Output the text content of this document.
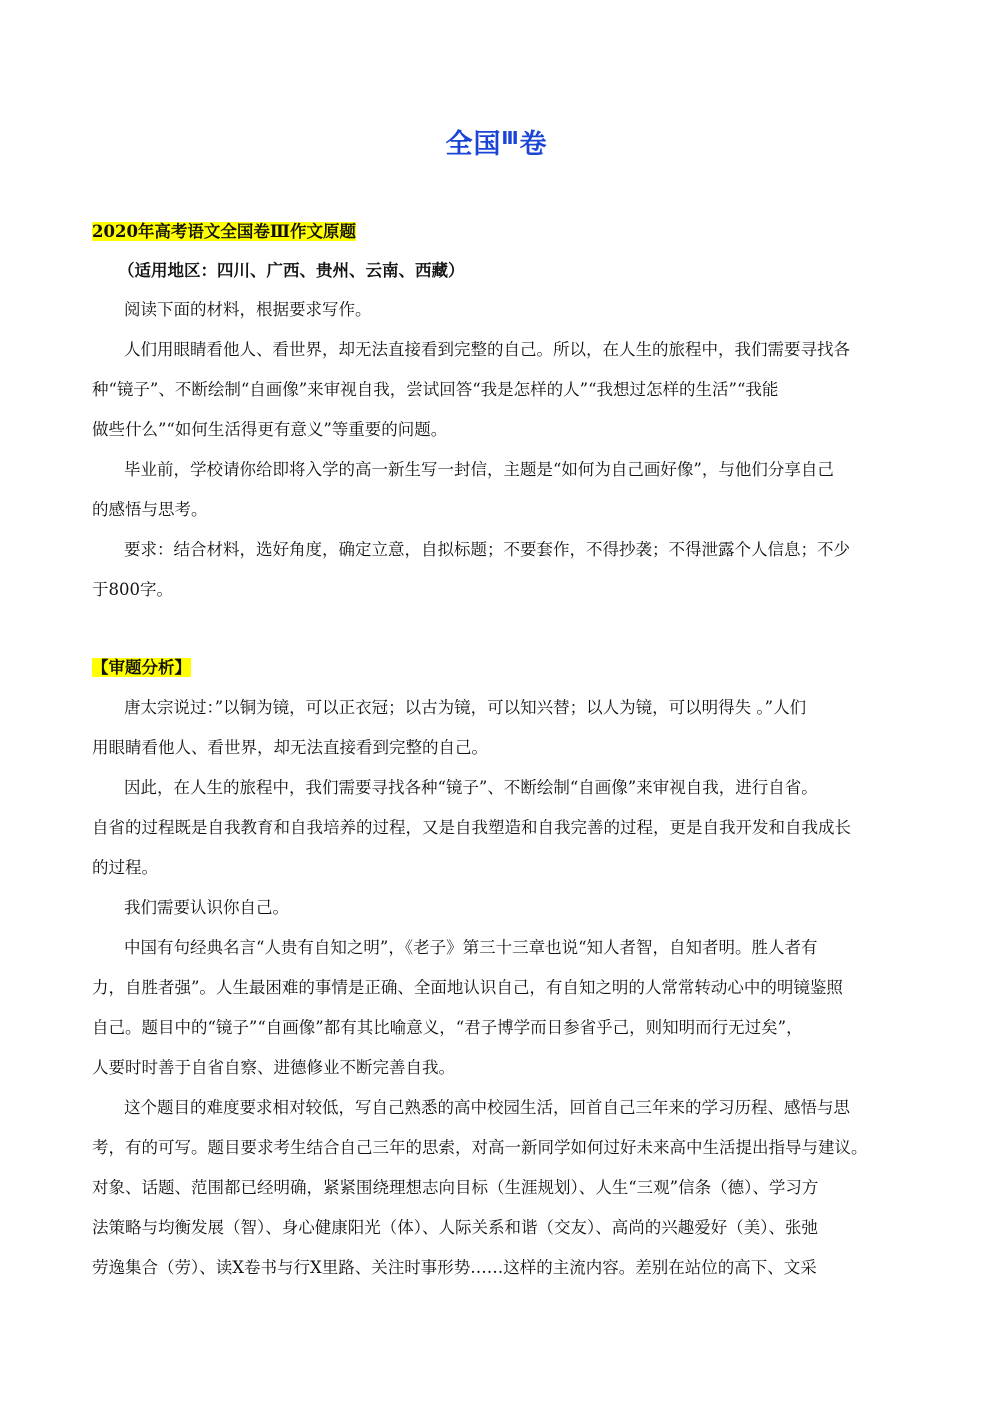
全国$^Ⅲ$卷
2020年高考语文全国卷Ⅲ作文原题
（适用地区：四川、广西、贵州、云南、西藏）
阅读下面的材料，根据要求写作。
人们用眼睛看他人、看世界，却无法直接看到完整的自己。所以，在人生的旅程中，我们需要寻找各
种“镜子”、不断绘制“自画像”来审视自我，尝试回答“我是怎样的人”“我想过怎样的生活”“我能
做些什么”“如何生活得更有意义”等重要的问题。
毕业前，学校请你给即将入学的高一新生写一封信，主题是“如何为自己画好像”，与他们分享自己
的感悟与思考。
要求：结合材料，选好角度，确定立意，自拟标题；不要套作，不得抄袭；不得泄露个人信息；不少
于800字。
【审题分析】
唐太宗说过：”以铜为镜，可以正衣冠；以古为镜，可以知兴替；以人为镜，可以明得失 。”人们
用眼睛看他人、看世界，却无法直接看到完整的自己。
因此，在人生的旅程中，我们需要寻找各种“镜子”、不断绘制“自画像”来审视自我，进行自省。
自省的过程既是自我教育和自我培养的过程，又是自我塑造和自我完善的过程，更是自我开发和自我成长
的过程。
我们需要认识你自己。
中国有句经典名言“人贵有自知之明”，《老子》第三十三章也说“知人者智，自知者明。胜人者有
力，自胜者强”。人生最困难的事情是正确、全面地认识自己，有自知之明的人常常转动心中的明镜鉴照
自己。题目中的“镜子”“自画像”都有其比喻意义，“君子博学而日参省乎己，则知明而行无过矣”，
人要时时善于自省自察、进德修业不断完善自我。
这个题目的难度要求相对较低，写自己熟悉的高中校园生活，回首自己三年来的学习历程、感悟与思
考，有的可写。题目要求考生结合自己三年的思索，对高一新同学如何过好未来高中生活提出指导与建议。
对象、话题、范围都已经明确，紧紧围绕理想志向目标（生涯规划）、人生“三观”信条（德）、学习方
法策略与均衡发展（智）、身心健康阳光（体）、人际关系和谐（交友）、高尚的兴趣爱好（美）、张弛
劳逸集合（劳）、读X卷书与行X里路、关注时事形势……这样的主流内容。差别在站位的高下、文采
